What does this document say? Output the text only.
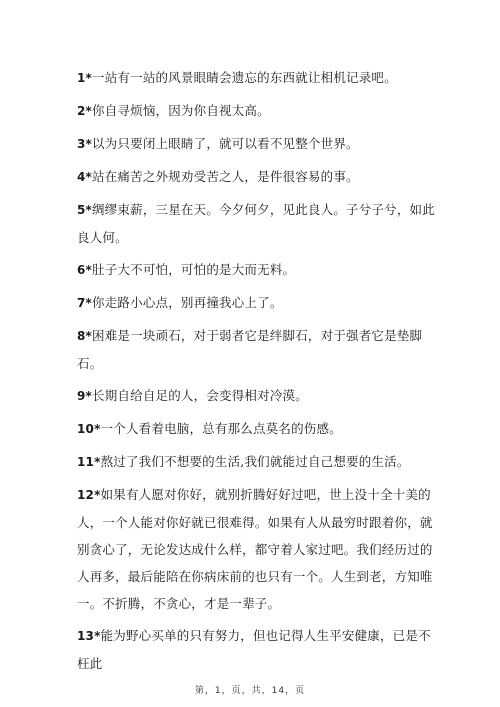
1*一站有一站的风景眼睛会遗忘的东西就让相机记录吧。

2*你自寻烦恼，因为你自视太高。

3*以为只要闭上眼睛了，就可以看不见整个世界。

4*站在痛苦之外规劝受苦之人，是件很容易的事。

5*绸缪束薪，三星在天。今夕何夕，见此良人。子兮子兮，如此良人何。

6*肚子大不可怕，可怕的是大而无料。

7*你走路小心点，别再撞我心上了。

8*困难是一块顽石，对于弱者它是绊脚石，对于强者它是垫脚石。

9*长期自给自足的人，会变得相对冷漠。

10*一个人看着电脑，总有那么点莫名的伤感。

11*熬过了我们不想要的生活,我们就能过自己想要的生活。

12*如果有人愿对你好，就别折腾好好过吧，世上没十全十美的人，一个人能对你好就已很难得。如果有人从最穷时跟着你，就别贪心了，无论发达成什么样，都守着人家过吧。我们经历过的人再多，最后能陪在你病床前的也只有一个。人生到老，方知唯一。不折腾，不贪心，才是一辈子。

13*能为野心买单的只有努力，但也记得人生平安健康，已是不枉此

第，1，页，共，14，页
